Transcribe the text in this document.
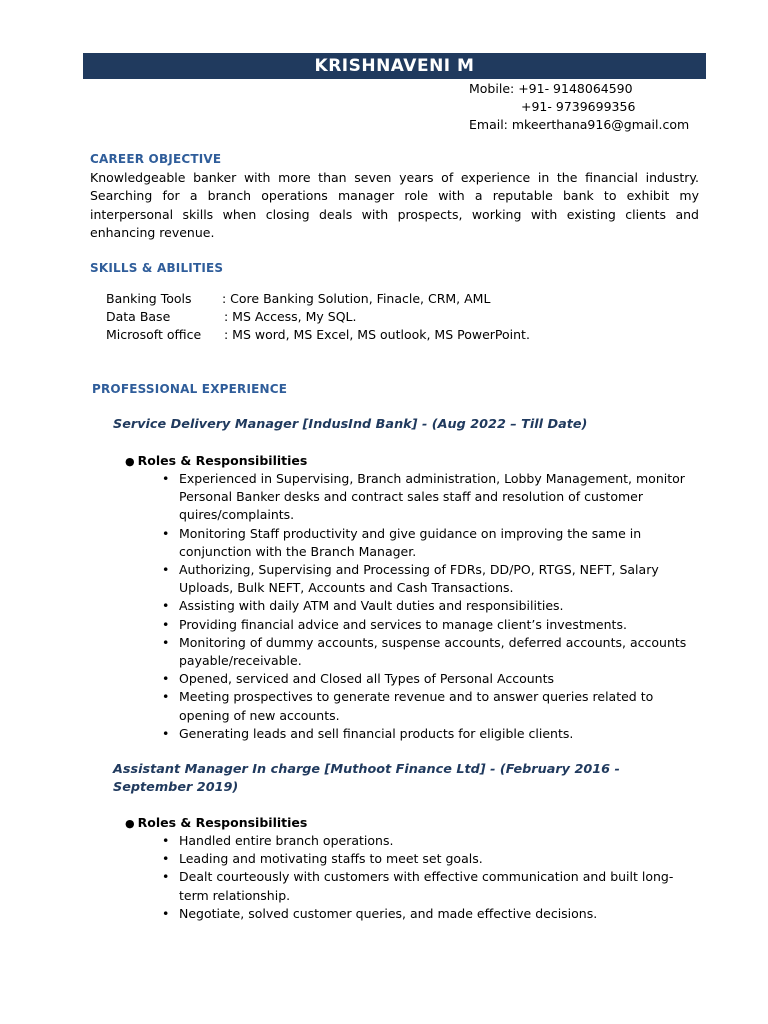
KRISHNAVENI M
Mobile: +91- 9148064590
+91- 9739699356
Email: mkeerthana916@gmail.com
CAREER OBJECTIVE
Knowledgeable banker with more than seven years of experience in the financial industry. Searching for a branch operations manager role with a reputable bank to exhibit my interpersonal skills when closing deals with prospects, working with existing clients and enhancing revenue.
SKILLS & ABILITIES
Banking Tools	: Core Banking Solution, Finacle, CRM, AML
Data Base	: MS Access, My SQL.
Microsoft office	: MS word, MS Excel, MS outlook, MS PowerPoint.
PROFESSIONAL EXPERIENCE
Service Delivery Manager [IndusInd Bank] - (Aug 2022 – Till Date)
● Roles & Responsibilities
• Experienced in Supervising, Branch administration, Lobby Management, monitor Personal Banker desks and contract sales staff and resolution of customer quires/complaints.
• Monitoring Staff productivity and give guidance on improving the same in conjunction with the Branch Manager.
• Authorizing, Supervising and Processing of FDRs, DD/PO, RTGS, NEFT, Salary Uploads, Bulk NEFT, Accounts and Cash Transactions.
• Assisting with daily ATM and Vault duties and responsibilities.
• Providing financial advice and services to manage client’s investments.
• Monitoring of dummy accounts, suspense accounts, deferred accounts, accounts payable/receivable.
• Opened, serviced and Closed all Types of Personal Accounts
• Meeting prospectives to generate revenue and to answer queries related to opening of new accounts.
• Generating leads and sell financial products for eligible clients.
Assistant Manager In charge [Muthoot Finance Ltd] - (February 2016 - September 2019)
● Roles & Responsibilities
• Handled entire branch operations.
• Leading and motivating staffs to meet set goals.
• Dealt courteously with customers with effective communication and built long-term relationship.
• Negotiate, solved customer queries, and made effective decisions.
